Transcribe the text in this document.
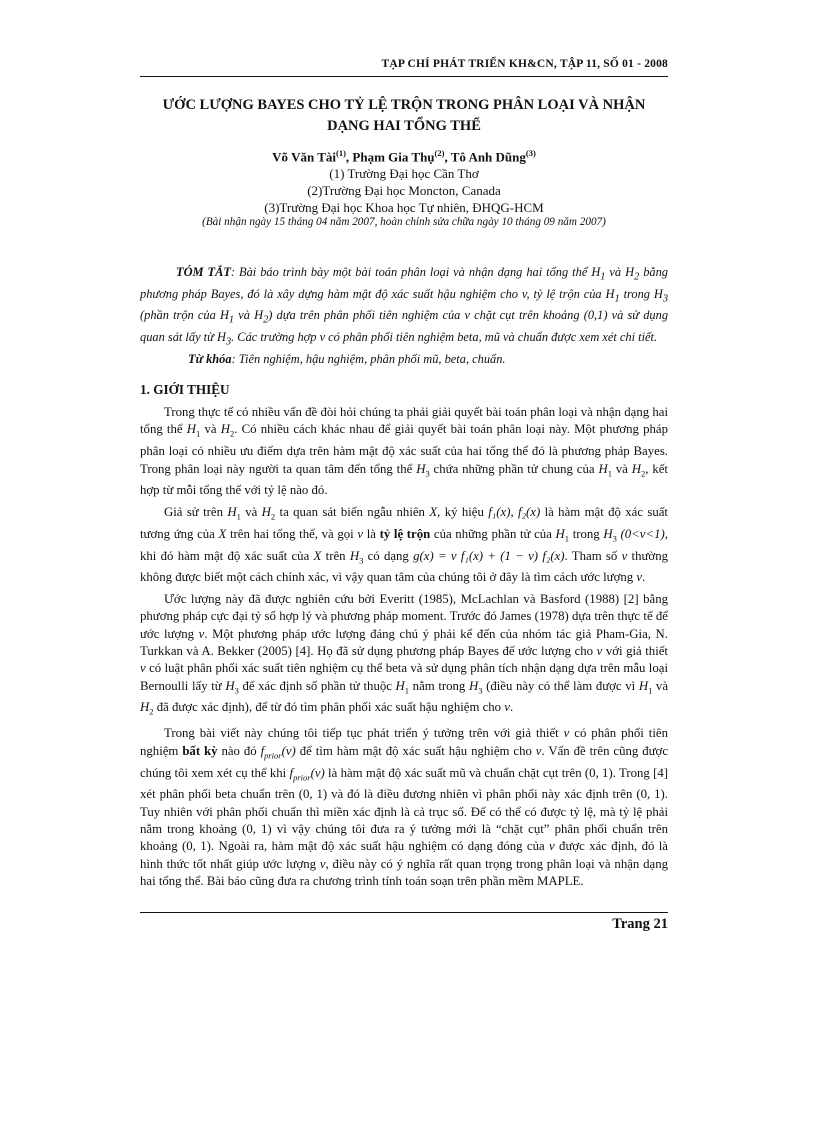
TẠP CHÍ PHÁT TRIỂN KH&CN, TẬP 11, SỐ 01 - 2008
ƯỚC LƯỢNG BAYES CHO TỶ LỆ TRỘN TRONG PHÂN LOẠI VÀ NHẬN
DẠNG HAI TỔNG THỂ
Võ Văn Tài$^{(1)}$, Phạm Gia Thụ$^{(2)}$, Tô Anh Dũng$^{(3)}$
(1) Trường Đại học Cần Thơ
(2)Trường Đại học Moncton, Canada
(3)Trường Đại học Khoa học Tự nhiên, ĐHQG-HCM
(Bài nhận ngày 15 tháng 04 năm 2007, hoàn chỉnh sửa chữa ngày 10 tháng 09 năm 2007)

TÓM TẮT: Bài báo trình bày một bài toán phân loại và nhận dạng hai tổng thể $H_1$ và $H_2$ bằng phương pháp Bayes, đó là xây dựng hàm mật độ xác suất hậu nghiệm cho v, tỷ lệ trộn của $H_1$ trong $H_3$ (phần trộn của $H_1$ và $H_2$) dựa trên phân phối tiên nghiệm của v chặt cụt trên khoảng (0,1) và sử dụng quan sát lấy từ $H_3$. Các trường hợp v có phân phối tiên nghiệm beta, mũ và chuẩn được xem xét chi tiết.

Từ khóa: Tiên nghiệm, hậu nghiệm, phân phối mũ, beta, chuẩn.

1. GIỚI THIỆU

Trong thực tế có nhiều vấn đề đòi hỏi chúng ta phải giải quyết bài toán phân loại và nhận dạng hai tổng thể $H_1$ và $H_2$. Có nhiều cách khác nhau để giải quyết bài toán phân loại này. Một phương pháp phân loại có nhiều ưu điểm dựa trên hàm mật độ xác suất của hai tổng thể đó là phương pháp Bayes. Trong phân loại này người ta quan tâm đến tổng thể $H_3$ chứa những phần tử chung của $H_1$ và $H_2$, kết hợp từ mỗi tổng thể với tỷ lệ nào đó.

Giả sử trên $H_1$ và $H_2$ ta quan sát biến ngẫu nhiên X, ký hiệu f₁(x), f₂(x) là hàm mật độ xác suất tương ứng của X trên hai tổng thể, và gọi v là tỷ lệ trộn của những phần tử của $H_1$ trong $H_3$ (0<v<1), khi đó hàm mật độ xác suất của X trên $H_3$ có dạng g(x) = v f₁(x) + (1 − v) f₂(x). Tham số v thường không được biết một cách chính xác, vì vậy quan tâm của chúng tôi ở đây là tìm cách ước lượng v.

Ước lượng này đã được nghiên cứu bởi Everitt (1985), McLachlan và Basford (1988) [2] bằng phương pháp cực đại tỷ số hợp lý và phương pháp moment. Trước đó James (1978) dựa trên thực tế để ước lượng v. Một phương pháp ước lượng đáng chú ý phải kể đến của nhóm tác giả Pham-Gia, N. Turkkan và A. Bekker (2005) [4]. Họ đã sử dụng phương pháp Bayes để ước lượng cho v với giả thiết v có luật phân phối xác suất tiên nghiệm cụ thể beta và sử dụng phân tích nhận dạng dựa trên mẫu loại Bernoulli lấy từ $H_3$ để xác định số phần tử thuộc $H_1$ nằm trong $H_3$ (điều này có thể làm được vì $H_1$ và $H_2$ đã được xác định), để từ đó tìm phân phối xác suất hậu nghiệm cho v.

Trong bài viết này chúng tôi tiếp tục phát triển ý tưởng trên với giả thiết v có phân phối tiên nghiệm bất kỳ nào đó $f_{prior}(v)$ để tìm hàm mật độ xác suất hậu nghiệm cho v. Vấn đề trên cũng được chúng tôi xem xét cụ thể khi $f_{prior}(v)$ là hàm mật độ xác suất mũ và chuẩn chặt cụt trên (0, 1). Trong [4] xét phân phối beta chuẩn trên (0, 1) và đó là điều đương nhiên vì phân phối này xác định trên (0, 1). Tuy nhiên với phân phối chuẩn thì miền xác định là cả trục số. Để có thể có được tỷ lệ, mà tỷ lệ phải nằm trong khoảng (0, 1) vì vậy chúng tôi đưa ra ý tưởng mới là “chặt cụt” phân phối chuẩn trên khoảng (0, 1). Ngoài ra, hàm mật độ xác suất hậu nghiệm có dạng đóng của v được xác định, đó là hình thức tốt nhất giúp ước lượng v, điều này có ý nghĩa rất quan trọng trong phân loại và nhận dạng hai tổng thể. Bài báo cũng đưa ra chương trình tính toán soạn trên phần mềm MAPLE.

Trang 21
